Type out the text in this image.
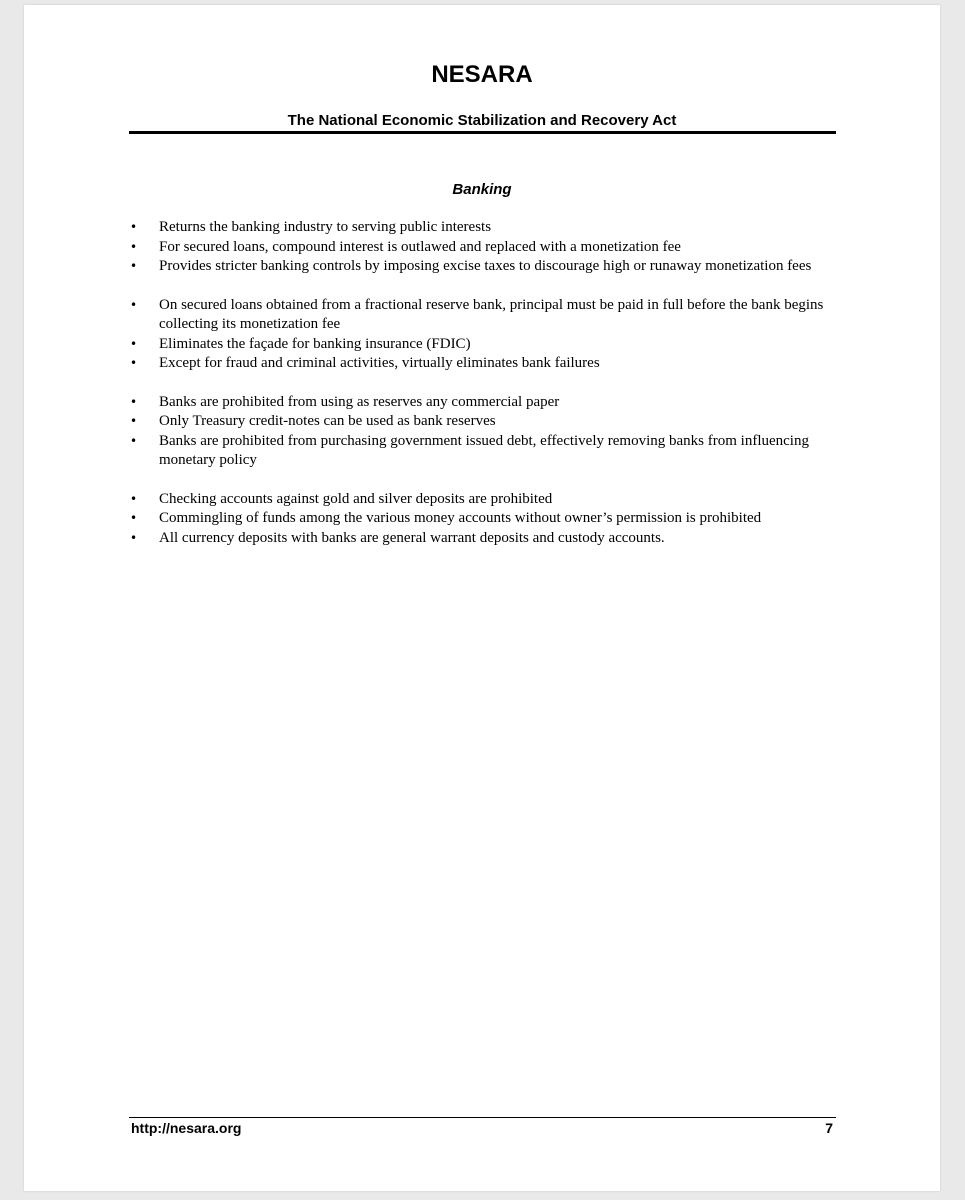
NESARA
The National Economic Stabilization and Recovery Act
Banking
• Returns the banking industry to serving public interests
• For secured loans, compound interest is outlawed and replaced with a monetization fee
• Provides stricter banking controls by imposing excise taxes to discourage high or runaway monetization fees
• On secured loans obtained from a fractional reserve bank, principal must be paid in full before the bank begins collecting its monetization fee
• Eliminates the façade for banking insurance (FDIC)
• Except for fraud and criminal activities, virtually eliminates bank failures
• Banks are prohibited from using as reserves any commercial paper
• Only Treasury credit-notes can be used as bank reserves
• Banks are prohibited from purchasing government issued debt, effectively removing banks from influencing monetary policy
• Checking accounts against gold and silver deposits are prohibited
• Commingling of funds among the various money accounts without owner’s permission is prohibited
• All currency deposits with banks are general warrant deposits and custody accounts.
http://nesara.org	7
